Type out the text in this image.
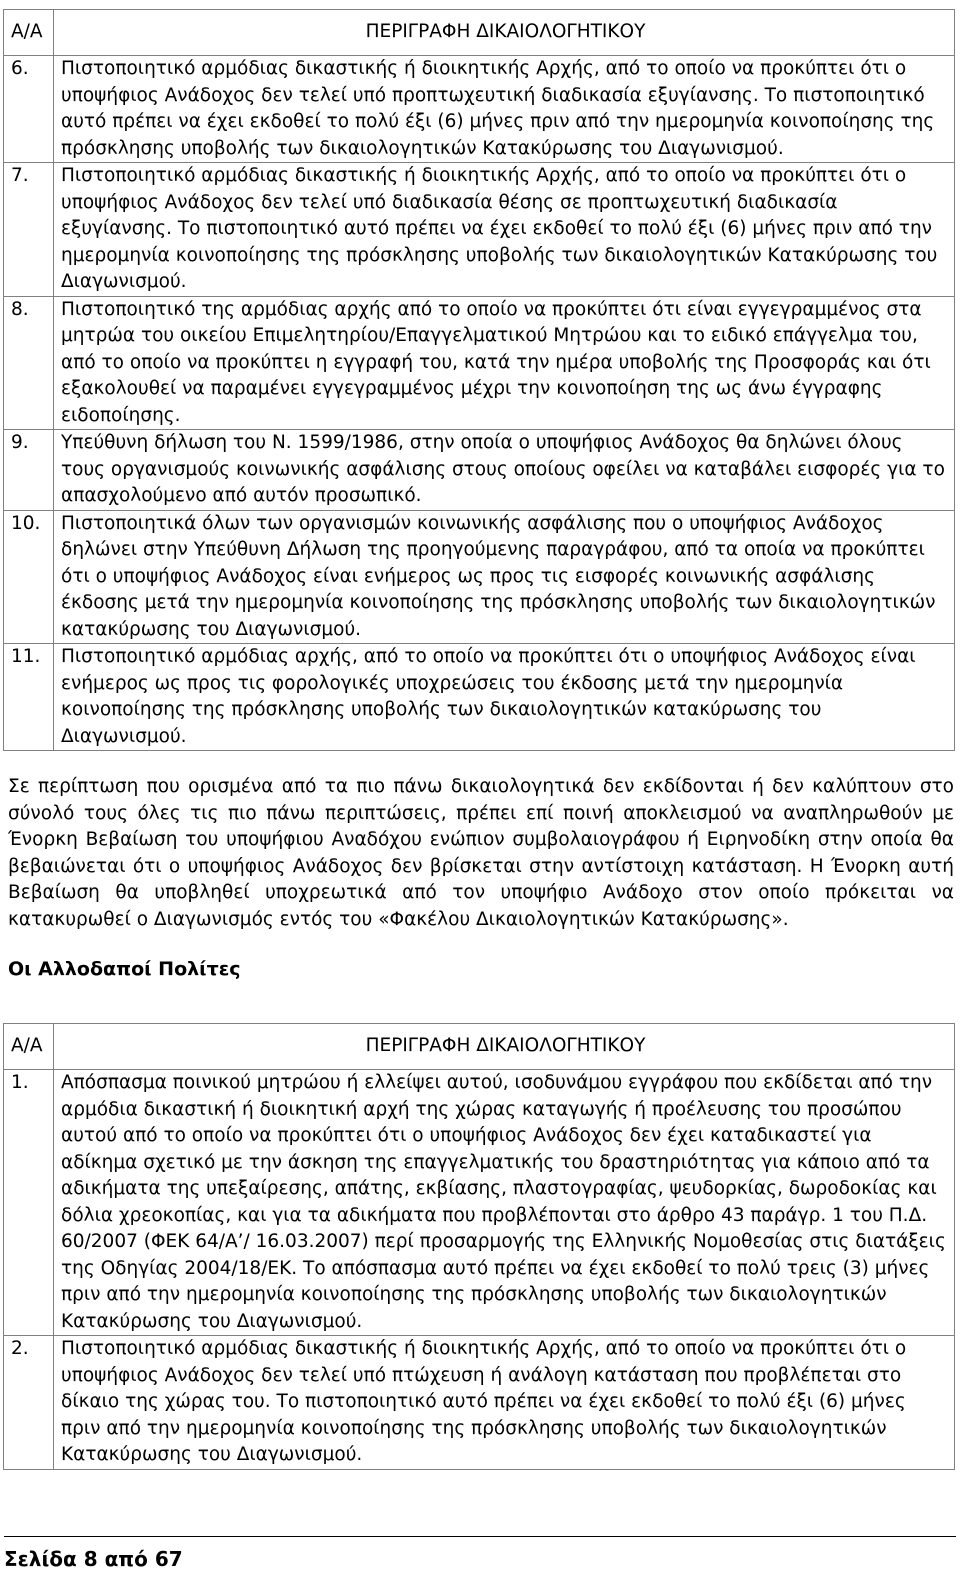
Α/Α	ΠΕΡΙΓΡΑΦΗ ΔΙΚΑΙΟΛΟΓΗΤΙΚΟΥ
6.	Πιστοποιητικό αρμόδιας δικαστικής ή διοικητικής Αρχής, από το οποίο να προκύπτει ότι ο υποψήφιος Ανάδοχος δεν τελεί υπό προπτωχευτική διαδικασία εξυγίανσης. Το πιστοποιητικό αυτό πρέπει να έχει εκδοθεί το πολύ έξι (6) μήνες πριν από την ημερομηνία κοινοποίησης της πρόσκλησης υποβολής των δικαιολογητικών Κατακύρωσης του Διαγωνισμού.
7.	Πιστοποιητικό αρμόδιας δικαστικής ή διοικητικής Αρχής, από το οποίο να προκύπτει ότι ο υποψήφιος Ανάδοχος δεν τελεί υπό διαδικασία θέσης σε προπτωχευτική διαδικασία εξυγίανσης. Το πιστοποιητικό αυτό πρέπει να έχει εκδοθεί το πολύ έξι (6) μήνες πριν από την ημερομηνία κοινοποίησης της πρόσκλησης υποβολής των δικαιολογητικών Κατακύρωσης του Διαγωνισμού.
8.	Πιστοποιητικό της αρμόδιας αρχής από το οποίο να προκύπτει ότι είναι εγγεγραμμένος στα μητρώα του οικείου Επιμελητηρίου/Επαγγελματικού Μητρώου και το ειδικό επάγγελμα του, από το οποίο να προκύπτει η εγγραφή του, κατά την ημέρα υποβολής της Προσφοράς και ότι εξακολουθεί να παραμένει εγγεγραμμένος μέχρι την κοινοποίηση της ως άνω έγγραφης ειδοποίησης.
9.	Υπεύθυνη δήλωση του Ν. 1599/1986, στην οποία ο υποψήφιος Ανάδοχος θα δηλώνει όλους τους οργανισμούς κοινωνικής ασφάλισης στους οποίους οφείλει να καταβάλει εισφορές για το απασχολούμενο από αυτόν προσωπικό.
10.	Πιστοποιητικά όλων των οργανισμών κοινωνικής ασφάλισης που ο υποψήφιος Ανάδοχος δηλώνει στην Υπεύθυνη Δήλωση της προηγούμενης παραγράφου, από τα οποία να προκύπτει ότι ο υποψήφιος Ανάδοχος είναι ενήμερος ως προς τις εισφορές κοινωνικής ασφάλισης έκδοσης μετά την ημερομηνία κοινοποίησης της πρόσκλησης υποβολής των δικαιολογητικών κατακύρωσης του Διαγωνισμού.
11.	Πιστοποιητικό αρμόδιας αρχής, από το οποίο να προκύπτει ότι ο υποψήφιος Ανάδοχος είναι ενήμερος ως προς τις φορολογικές υποχρεώσεις του έκδοσης μετά την ημερομηνία κοινοποίησης της πρόσκλησης υποβολής των δικαιολογητικών κατακύρωσης του Διαγωνισμού.

Σε περίπτωση που ορισμένα από τα πιο πάνω δικαιολογητικά δεν εκδίδονται ή δεν καλύπτουν στο σύνολό τους όλες τις πιο πάνω περιπτώσεις, πρέπει επί ποινή αποκλεισμού να αναπληρωθούν με Ένορκη Βεβαίωση του υποψήφιου Αναδόχου ενώπιον συμβολαιογράφου ή Ειρηνοδίκη στην οποία θα βεβαιώνεται ότι ο υποψήφιος Ανάδοχος δεν βρίσκεται στην αντίστοιχη κατάσταση. Η Ένορκη αυτή Βεβαίωση θα υποβληθεί υποχρεωτικά από τον υποψήφιο Ανάδοχο στον οποίο πρόκειται να κατακυρωθεί ο Διαγωνισμός εντός του «Φακέλου Δικαιολογητικών Κατακύρωσης».

Οι Αλλοδαποί Πολίτες

Α/Α	ΠΕΡΙΓΡΑΦΗ ΔΙΚΑΙΟΛΟΓΗΤΙΚΟΥ
1.	Απόσπασμα ποινικού μητρώου ή ελλείψει αυτού, ισοδυνάμου εγγράφου που εκδίδεται από την αρμόδια δικαστική ή διοικητική αρχή της χώρας καταγωγής ή προέλευσης του προσώπου αυτού από το οποίο να προκύπτει ότι ο υποψήφιος Ανάδοχος δεν έχει καταδικαστεί για αδίκημα σχετικό με την άσκηση της επαγγελματικής του δραστηριότητας για κάποιο από τα αδικήματα της υπεξαίρεσης, απάτης, εκβίασης, πλαστογραφίας, ψευδορκίας, δωροδοκίας και δόλια χρεοκοπίας, και για τα αδικήματα που προβλέπονται στο άρθρο 43 παράγρ. 1 του Π.Δ. 60/2007 (ΦΕΚ 64/Α’/ 16.03.2007) περί προσαρμογής της Ελληνικής Νομοθεσίας στις διατάξεις της Οδηγίας 2004/18/ΕΚ. Το απόσπασμα αυτό πρέπει να έχει εκδοθεί το πολύ τρεις (3) μήνες πριν από την ημερομηνία κοινοποίησης της πρόσκλησης υποβολής των δικαιολογητικών Κατακύρωσης του Διαγωνισμού.
2.	Πιστοποιητικό αρμόδιας δικαστικής ή διοικητικής Αρχής, από το οποίο να προκύπτει ότι ο υποψήφιος Ανάδοχος δεν τελεί υπό πτώχευση ή ανάλογη κατάσταση που προβλέπεται στο δίκαιο της χώρας του. Το πιστοποιητικό αυτό πρέπει να έχει εκδοθεί το πολύ έξι (6) μήνες πριν από την ημερομηνία κοινοποίησης της πρόσκλησης υποβολής των δικαιολογητικών Κατακύρωσης του Διαγωνισμού.

Σελίδα 8 από 67
